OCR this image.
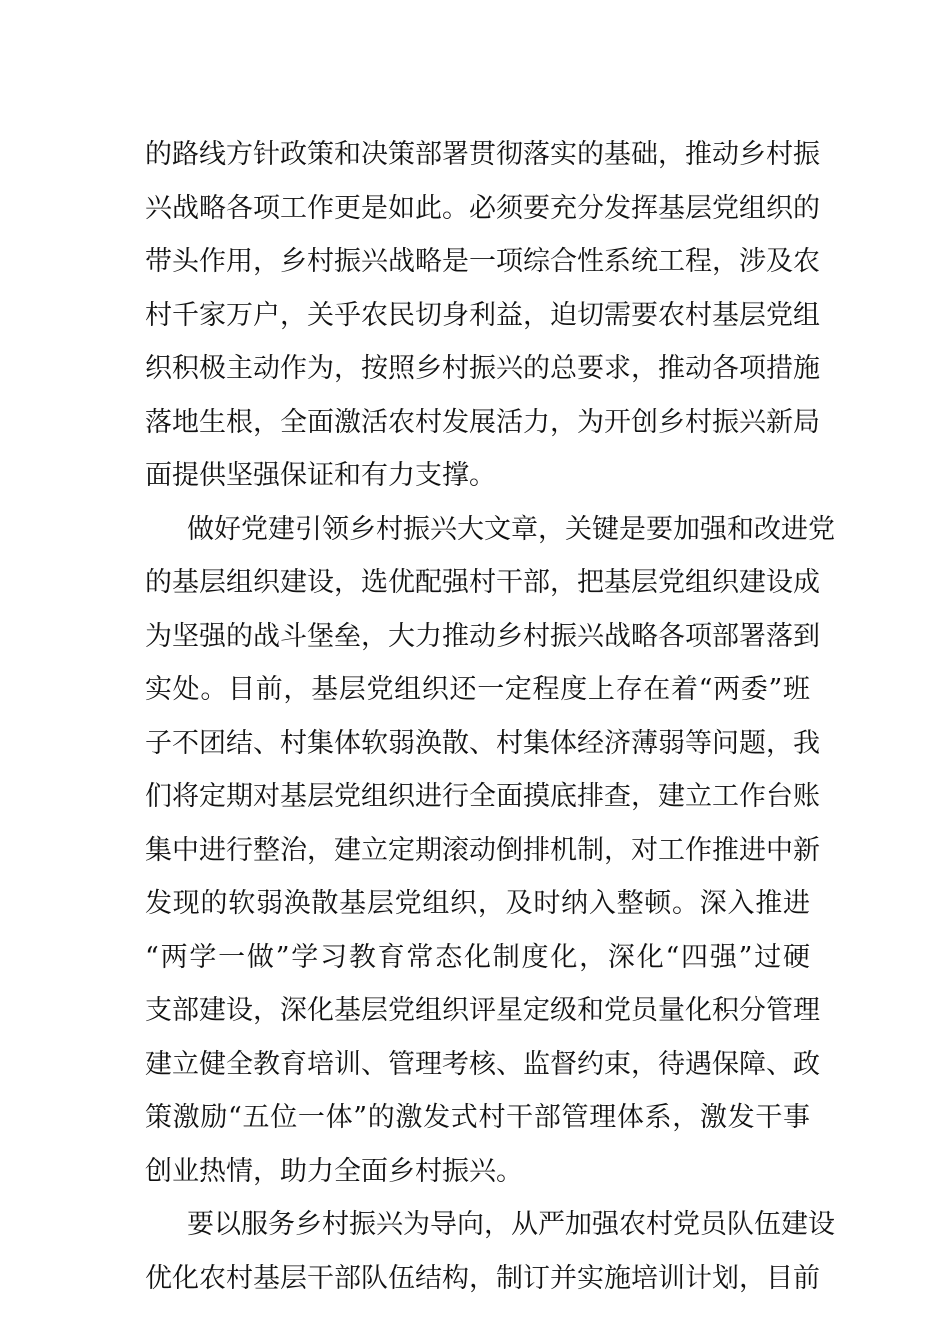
的路线方针政策和决策部署贯彻落实的基础，推动乡村振
兴战略各项工作更是如此。必须要充分发挥基层党组织的
带头作用，乡村振兴战略是一项综合性系统工程，涉及农
村千家万户，关乎农民切身利益，迫切需要农村基层党组
织积极主动作为，按照乡村振兴的总要求，推动各项措施
落地生根，全面激活农村发展活力，为开创乡村振兴新局
面提供坚强保证和有力支撑。
做好党建引领乡村振兴大文章，关键是要加强和改进党
的基层组织建设，选优配强村干部，把基层党组织建设成
为坚强的战斗堡垒，大力推动乡村振兴战略各项部署落到
实处。目前，基层党组织还一定程度上存在着“两委”班
子不团结、村集体软弱涣散、村集体经济薄弱等问题，我
们将定期对基层党组织进行全面摸底排查，建立工作台账
集中进行整治，建立定期滚动倒排机制，对工作推进中新
发现的软弱涣散基层党组织，及时纳入整顿。深入推进
“两学一做”学习教育常态化制度化，深化“四强”过硬
支部建设，深化基层党组织评星定级和党员量化积分管理
建立健全教育培训、管理考核、监督约束，待遇保障、政
策激励“五位一体”的激发式村干部管理体系，激发干事
创业热情，助力全面乡村振兴。
要以服务乡村振兴为导向，从严加强农村党员队伍建设
优化农村基层干部队伍结构，制订并实施培训计划，目前
